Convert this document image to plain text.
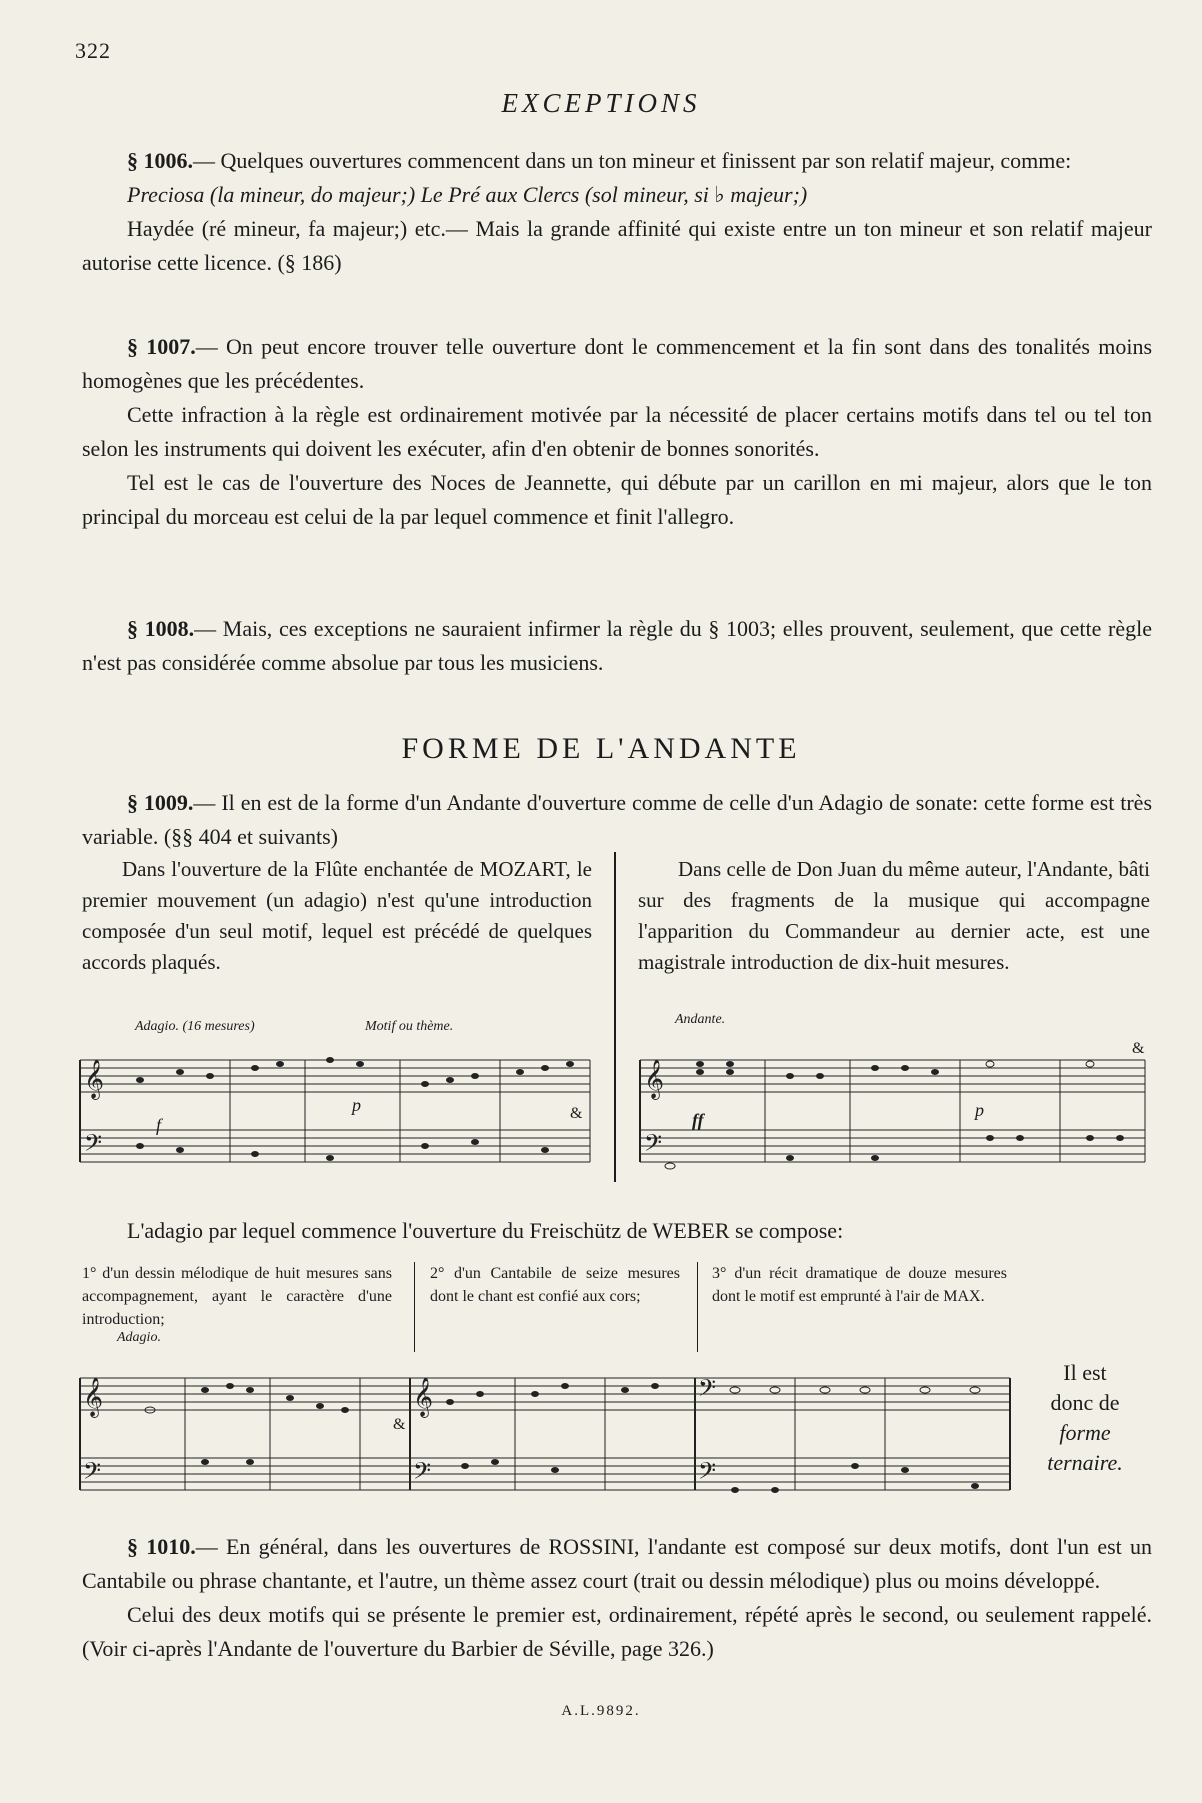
322
EXCEPTIONS

§ 1006.— Quelques ouvertures commencent dans un ton mineur et finissent par son relatif majeur, comme:

Preciosa (la mineur, do majeur;) Le Pré aux Clercs (sol mineur, si ♭ majeur;)

Haydée (ré mineur, fa majeur;) etc.— Mais la grande affinité qui existe entre un ton mineur et son relatif majeur autorise cette licence. (§ 186)

§ 1007.— On peut encore trouver telle ouverture dont le commencement et la fin sont dans des tonalités moins homogènes que les précédentes.

Cette infraction à la règle est ordinairement motivée par la nécessité de placer certains motifs dans tel ou tel ton selon les instruments qui doivent les exécuter, afin d'en obtenir de bonnes sonorités.

Tel est le cas de l'ouverture des Noces de Jeannette, qui débute par un carillon en mi majeur, alors que le ton principal du morceau est celui de la par lequel commence et finit l'allegro.

§ 1008.— Mais, ces exceptions ne sauraient infirmer la règle du § 1003; elles prouvent, seulement, que cette règle n'est pas considérée comme absolue par tous les musiciens.

FORME DE L'ANDANTE

§ 1009.— Il en est de la forme d'un Andante d'ouverture comme de celle d'un Adagio de sonate: cette forme est très variable. (§§ 404 et suivants)

Dans l'ouverture de la Flûte enchantée de MOZART, le premier mouvement (un adagio) n'est qu'une introduction composée d'un seul motif, lequel est précédé de quelques accords plaqués.

Dans celle de Don Juan du même auteur, l'Andante, bâti sur des fragments de la musique qui accompagne l'apparition du Commandeur au dernier acte, est une magistrale introduction de dix-huit mesures.

Adagio. (16 mesures)	Motif ou thème.
𝄞
𝄢
f
p	&
Andante.
𝄞
𝄢
ff	p
&
L'adagio par lequel commence l'ouverture du Freischütz de WEBER se compose:
1° d'un dessin mélodique de huit mesures sans accompagnement, ayant le caractère d'une introduction;
2° d'un Cantabile de seize mesures dont le chant est confié aux cors;
3° d'un récit dramatique de douze mesures dont le motif est emprunté à l'air de MAX.
Adagio.
𝄞
𝄢
𝄞
𝄢
𝄢
𝄢
&
Il est
donc de
forme
ternaire.

§ 1010.— En général, dans les ouvertures de ROSSINI, l'andante est composé sur deux motifs, dont l'un est un Cantabile ou phrase chantante, et l'autre, un thème assez court (trait ou dessin mélodique) plus ou moins développé.

Celui des deux motifs qui se présente le premier est, ordinairement, répété après le second, ou seulement rappelé. (Voir ci-après l'Andante de l'ouverture du Barbier de Séville, page 326.)

A.L.9892.
